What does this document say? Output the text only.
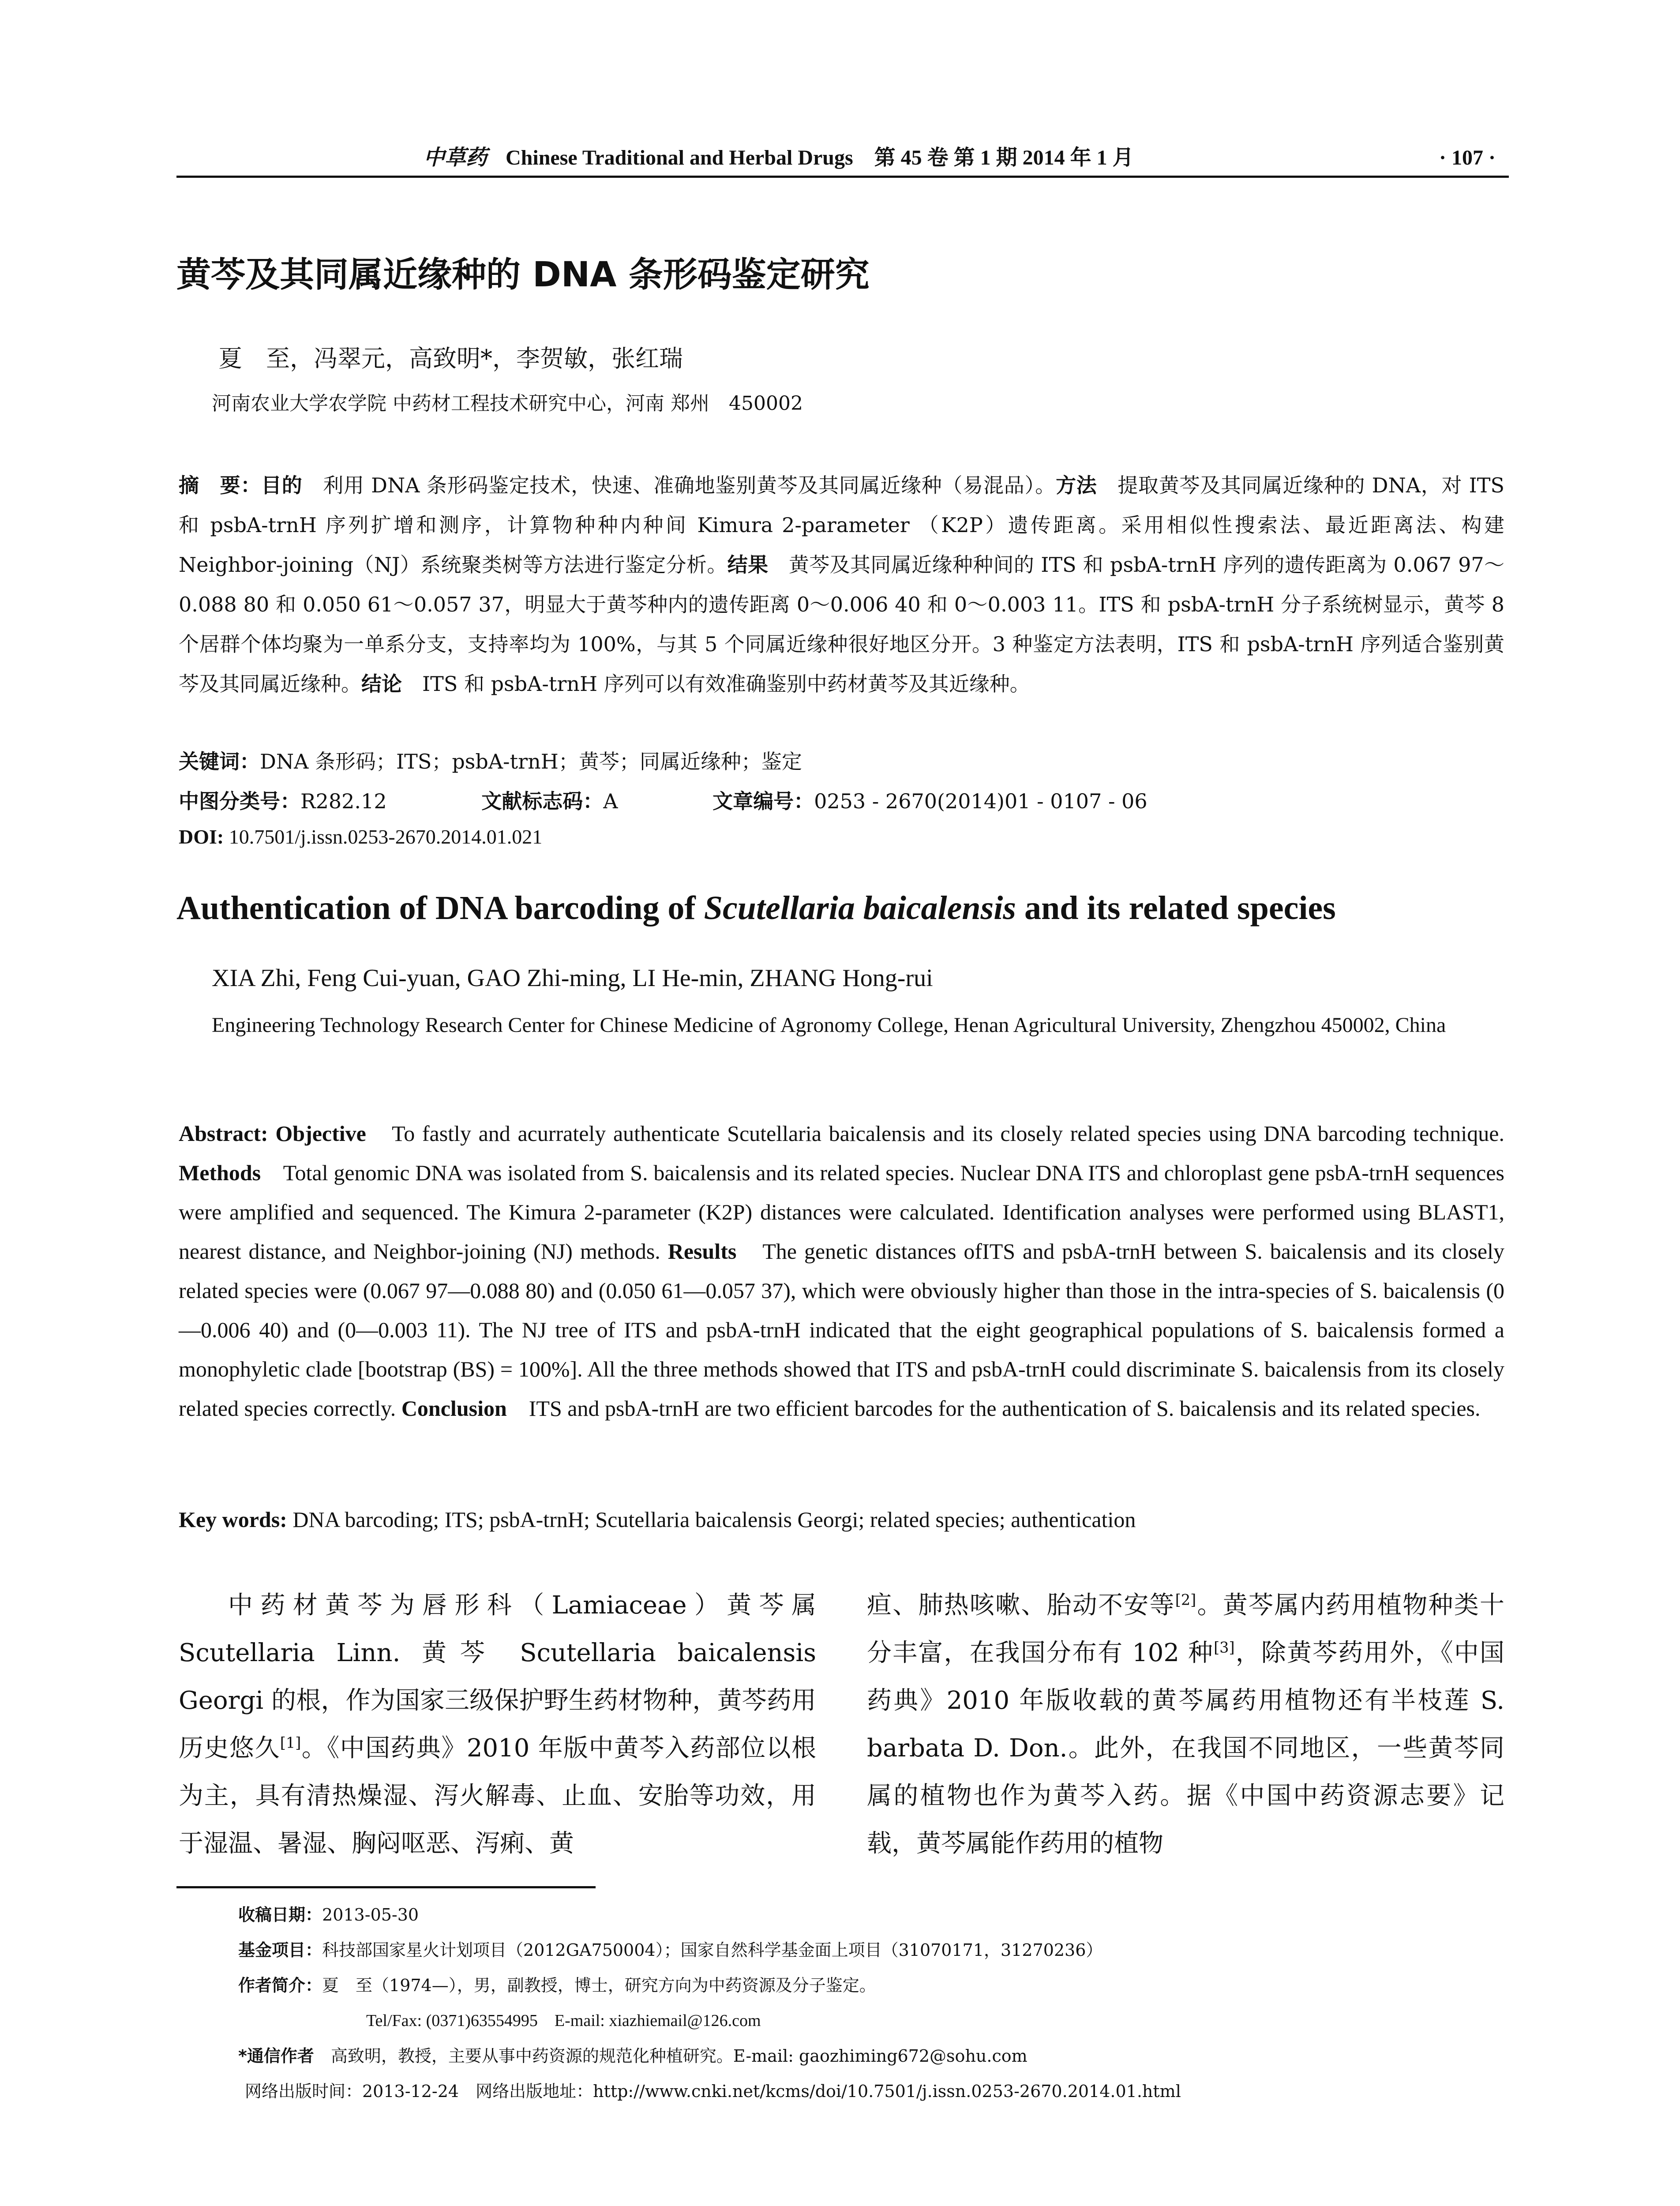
中草药 Chinese Traditional and Herbal Drugs　第 45 卷 第 1 期 2014 年 1 月	· 107 ·
黄芩及其同属近缘种的 DNA 条形码鉴定研究
夏　至，冯翠元，高致明*，李贺敏，张红瑞
河南农业大学农学院 中药材工程技术研究中心，河南 郑州　450002
摘　要：目的　利用 DNA 条形码鉴定技术，快速、准确地鉴别黄芩及其同属近缘种（易混品）。方法　提取黄芩及其同属近缘种的 DNA，对 ITS 和 psbA-trnH 序列扩增和测序，计算物种种内种间 Kimura 2-parameter （K2P）遗传距离。采用相似性搜索法、最近距离法、构建 Neighbor-joining（NJ）系统聚类树等方法进行鉴定分析。结果　黄芩及其同属近缘种种间的 ITS 和 psbA-trnH 序列的遗传距离为 0.067 97～0.088 80 和 0.050 61～0.057 37，明显大于黄芩种内的遗传距离 0～0.006 40 和 0～0.003 11。ITS 和 psbA-trnH 分子系统树显示，黄芩 8 个居群个体均聚为一单系分支，支持率均为 100%，与其 5 个同属近缘种很好地区分开。3 种鉴定方法表明，ITS 和 psbA-trnH 序列适合鉴别黄芩及其同属近缘种。结论　ITS 和 psbA-trnH 序列可以有效准确鉴别中药材黄芩及其近缘种。
关键词：DNA 条形码；ITS；psbA-trnH；黄芩；同属近缘种；鉴定
中图分类号：R282.12	文献标志码：A	文章编号：0253 - 2670(2014)01 - 0107 - 06
DOI: 10.7501/j.issn.0253-2670.2014.01.021
Authentication of DNA barcoding of Scutellaria baicalensis and its related species
XIA Zhi, Feng Cui-yuan, GAO Zhi-ming, LI He-min, ZHANG Hong-rui
Engineering Technology Research Center for Chinese Medicine of Agronomy College, Henan Agricultural University, Zhengzhou 450002, China
Abstract: Objective　To fastly and acurrately authenticate Scutellaria baicalensis and its closely related species using DNA barcoding technique. Methods　Total genomic DNA was isolated from S. baicalensis and its related species. Nuclear DNA ITS and chloroplast gene psbA-trnH sequences were amplified and sequenced. The Kimura 2-parameter (K2P) distances were calculated. Identification analyses were performed using BLAST1, nearest distance, and Neighbor-joining (NJ) methods. Results　The genetic distances ofITS and psbA-trnH between S. baicalensis and its closely related species were (0.067 97—0.088 80) and (0.050 61—0.057 37), which were obviously higher than those in the intra-species of S. baicalensis (0—0.006 40) and (0—0.003 11). The NJ tree of ITS and psbA-trnH indicated that the eight geographical populations of S. baicalensis formed a monophyletic clade [bootstrap (BS) = 100%]. All the three methods showed that ITS and psbA-trnH could discriminate S. baicalensis from its closely related species correctly. Conclusion　ITS and psbA-trnH are two efficient barcodes for the authentication of S. baicalensis and its related species.
Key words: DNA barcoding; ITS; psbA-trnH; Scutellaria baicalensis Georgi; related species; authentication
中药材黄芩为唇形科（Lamiaceae）黄芩属 Scutellaria Linn. 黄芩 Scutellaria baicalensis Georgi 的根，作为国家三级保护野生药材物种，黄芩药用历史悠久[1]。《中国药典》2010 年版中黄芩入药部位以根为主，具有清热燥湿、泻火解毒、止血、安胎等功效，用于湿温、暑湿、胸闷呕恶、泻痢、黄
疸、肺热咳嗽、胎动不安等[2]。黄芩属内药用植物种类十分丰富，在我国分布有 102 种[3]，除黄芩药用外，《中国药典》2010 年版收载的黄芩属药用植物还有半枝莲 S. barbata D. Don.。此外，在我国不同地区，一些黄芩同属的植物也作为黄芩入药。据《中国中药资源志要》记载，黄芩属能作药用的植物
收稿日期：2013-05-30
基金项目：科技部国家星火计划项目（2012GA750004）；国家自然科学基金面上项目（31070171，31270236）
作者简介：夏　至（1974—），男，副教授，博士，研究方向为中药资源及分子鉴定。
Tel/Fax: (0371)63554995　E-mail: xiazhiemail@126.com
*通信作者　高致明，教授，主要从事中药资源的规范化种植研究。E-mail: gaozhiming672@sohu.com
网络出版时间：2013-12-24　网络出版地址：http://www.cnki.net/kcms/doi/10.7501/j.issn.0253-2670.2014.01.html
